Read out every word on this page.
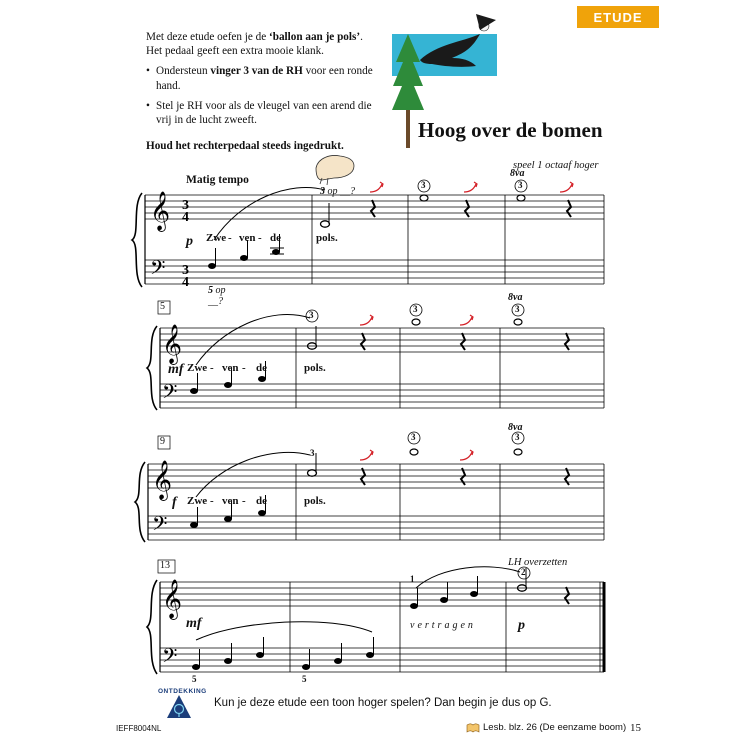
ETUDE

Met deze etude oefen je de ‘ballon aan je pols’.
Het pedaal geeft een extra mooie klank.

• Ondersteun vinger 3 van de RH voor een ronde hand.
• Stel je RH voor als de vleugel van een arend die vrij in de lucht zweeft.
Houd het rechterpedaal steeds ingedrukt.
Hoog over de bomen
Matig tempo
speel 1 octaaf hoger
LH overzetten
𝄞
𝄢
3
4
3
4
𝄞
𝄢
𝄞
𝄢
𝄞
𝄢
5
9
13
p
mf
f
mf	p
Zwe - ven - de	pols.
Zwe - ven - de	pols.
Zwe - ven - de	pols.
3 op __?
5 op
__?
3	3
3
3	3
3
3	3
1
2
5	5
8va
8va
8va
vertragen
ONTDEKKING
Kun je deze etude een toon hoger spelen? Dan begin je dus op G.
IEFF8004NL	Lesb. blz. 26 (De eenzame boom) 15
